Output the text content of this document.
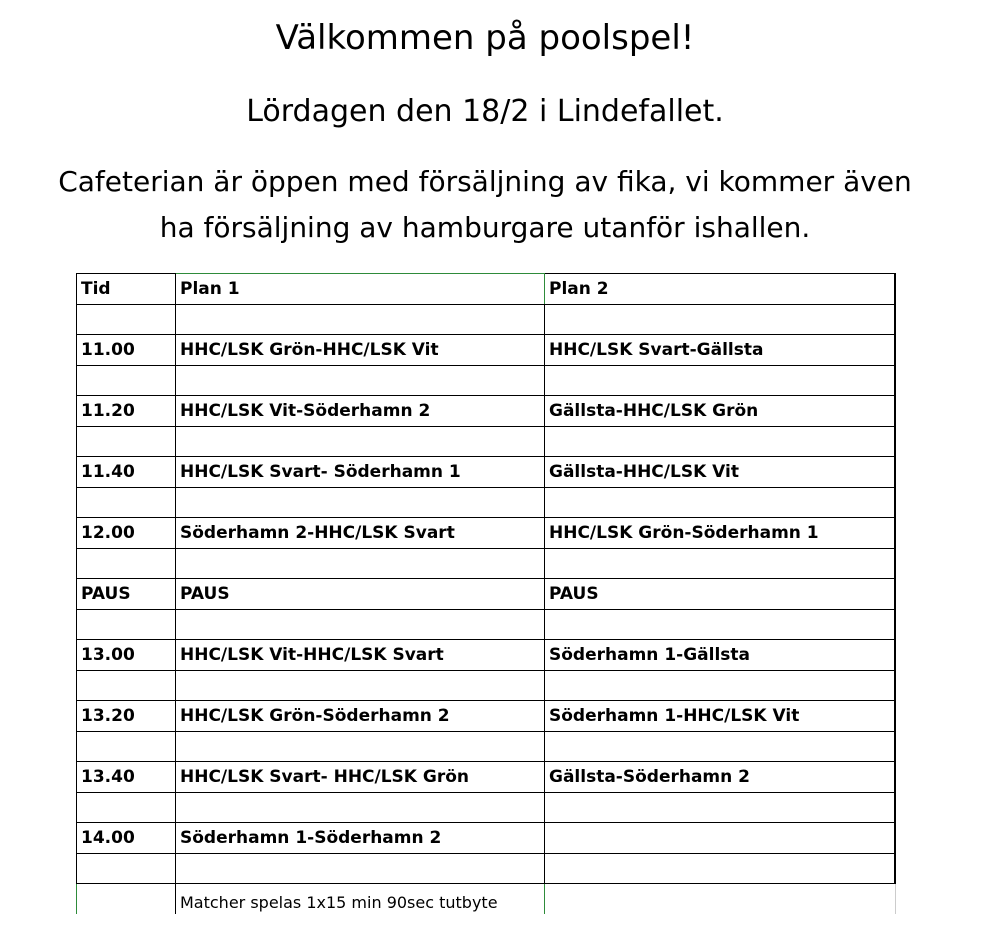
Välkommen på poolspel!
Lördagen den 18/2 i Lindefallet.

Cafeterian är öppen med försäljning av fika, vi kommer även

ha försäljning av hamburgare utanför ishallen.

Tid	Plan 1	Plan 2

11.00	HHC/LSK Grön-HHC/LSK Vit	HHC/LSK Svart-Gällsta

11.20	HHC/LSK Vit-Söderhamn 2	Gällsta-HHC/LSK Grön

11.40	HHC/LSK Svart- Söderhamn 1	Gällsta-HHC/LSK Vit

12.00	Söderhamn 2-HHC/LSK Svart	HHC/LSK Grön-Söderhamn 1

PAUS	PAUS	PAUS

13.00	HHC/LSK Vit-HHC/LSK Svart	Söderhamn 1-Gällsta

13.20	HHC/LSK Grön-Söderhamn 2	Söderhamn 1-HHC/LSK Vit

13.40	HHC/LSK Svart- HHC/LSK Grön	Gällsta-Söderhamn 2

14.00	Söderhamn 1-Söderhamn 2	

	Matcher spelas 1x15 min 90sec tutbyte	
